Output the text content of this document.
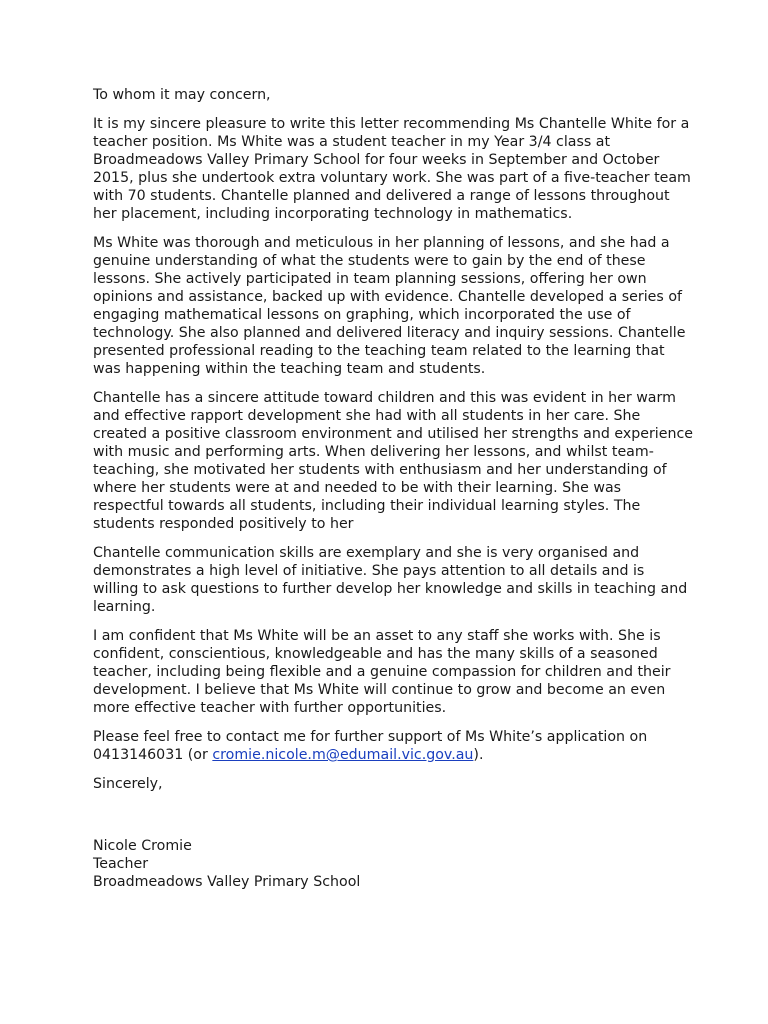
To whom it may concern,

It is my sincere pleasure to write this letter recommending Ms Chantelle White for a teacher position. Ms White was a student teacher in my Year 3/4 class at Broadmeadows Valley Primary School for four weeks in September and October 2015, plus she undertook extra voluntary work. She was part of a five-teacher team with 70 students. Chantelle planned and delivered a range of lessons throughout her placement, including incorporating technology in mathematics.

Ms White was thorough and meticulous in her planning of lessons, and she had a genuine understanding of what the students were to gain by the end of these lessons. She actively participated in team planning sessions, offering her own opinions and assistance, backed up with evidence. Chantelle developed a series of engaging mathematical lessons on graphing, which incorporated the use of technology. She also planned and delivered literacy and inquiry sessions. Chantelle presented professional reading to the teaching team related to the learning that was happening within the teaching team and students.

Chantelle has a sincere attitude toward children and this was evident in her warm and effective rapport development she had with all students in her care. She created a positive classroom environment and utilised her strengths and experience with music and performing arts. When delivering her lessons, and whilst team-teaching, she motivated her students with enthusiasm and her understanding of where her students were at and needed to be with their learning. She was respectful towards all students, including their individual learning styles. The students responded positively to her

Chantelle communication skills are exemplary and she is very organised and demonstrates a high level of initiative. She pays attention to all details and is willing to ask questions to further develop her knowledge and skills in teaching and learning.

I am confident that Ms White will be an asset to any staff she works with. She is confident, conscientious, knowledgeable and has the many skills of a seasoned teacher, including being flexible and a genuine compassion for children and their development. I believe that Ms White will continue to grow and become an even more effective teacher with further opportunities.

Please feel free to contact me for further support of Ms White’s application on 0413146031 (or cromie.nicole.m@edumail.vic.gov.au).

Sincerely,

Nicole Cromie
Teacher
Broadmeadows Valley Primary School
